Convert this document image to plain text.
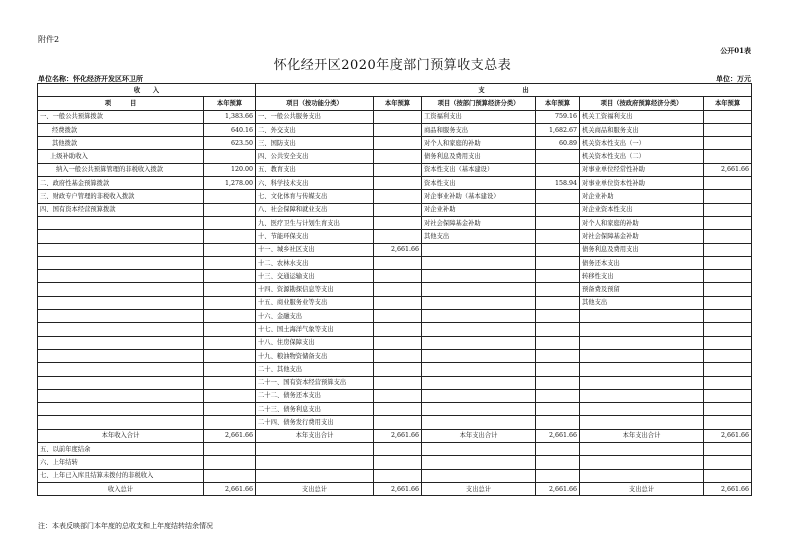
附件2
公开01表
怀化经开区2020年度部门预算收支总表
单位名称：怀化经济开发区环卫所	单位：万元
收　　入		支　　　　　　出					
项　　　目	本年预算	项目（按功能分类）	本年预算	项目（按部门预算经济分类）	本年预算	项目（按政府预算经济分类）	本年预算
一、一般公共预算拨款	1,383.66	一、一般公共服务支出		工资福利支出	759.16	机关工资福利支出	
经费拨款	640.16	二、外交支出		商品和服务支出	1,682.67	机关商品和服务支出	
其他拨款	623.50	三、国防支出		对个人和家庭的补助	60.89	机关资本性支出（一）	
上级补助收入		四、公共安全支出		债务利息及费用支出		机关资本性支出（二）	
纳入一般公共预算管理的非税收入拨款	120.00	五、教育支出		资本性支出（基本建设）		对事业单位经常性补助	2,661.66
二、政府性基金预算拨款	1,278.00	六、科学技术支出		资本性支出	158.94	对事业单位资本性补助	
三、财政专户管理的非税收入拨款		七、文化体育与传媒支出		对企事业补助（基本建设）		对企业补助	
四、国有资本经营预算拨款		八、社会保障和就业支出		对企业补助		对企业资本性支出	
		九、医疗卫生与计划生育支出		对社会保障基金补助		对个人和家庭的补助	
		十、节能环保支出		其他支出		对社会保障基金补助	
		十一、城乡社区支出	2,661.66			债务利息及费用支出	
		十二、农林水支出				债务还本支出	
		十三、交通运输支出				转移性支出	
		十四、资源勘探信息等支出				预备费及预留	
		十五、商业服务业等支出				其他支出	
		十六、金融支出					
		十七、国土海洋气象等支出					
		十八、住房保障支出					
		十九、粮油物资储备支出					
		二十、其他支出					
		二十一、国有资本经营预算支出					
		二十二、债务还本支出					
		二十三、债务利息支出					
		二十四、债务发行费用支出					
本年收入合计	2,661.66	本年支出合计	2,661.66	本年支出合计	2,661.66	本年支出合计	2,661.66
五、以前年度结余							
六、上年结转							
七、上年已入库且结算未拨付的非税收入							
收入总计	2,661.66	支出总计	2,661.66	支出总计	2,661.66	支出总计	2,661.66
注：本表反映部门本年度的总收支和上年度结转结余情况
